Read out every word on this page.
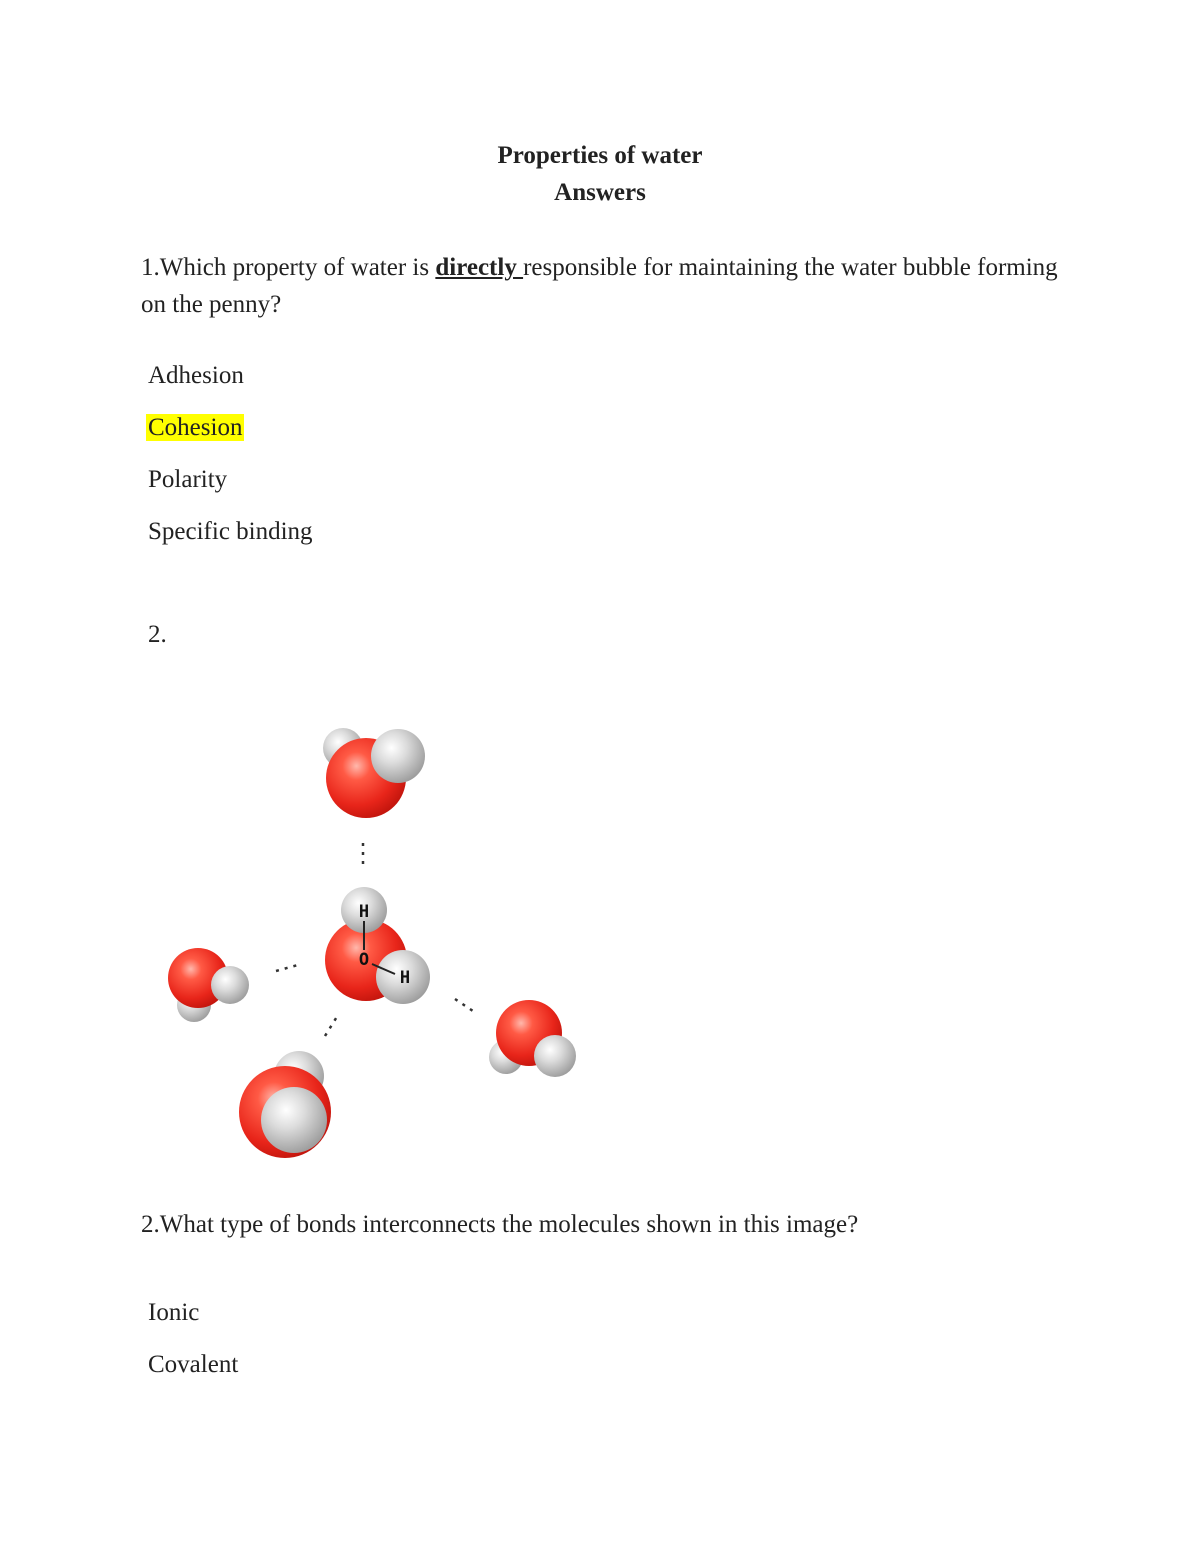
Properties of water
Answers
1.Which property of water is directly responsible for maintaining the water bubble forming on the penny?
Adhesion
Cohesion
Polarity
Specific binding
2.
H
O
H
2.What type of bonds interconnects the molecules shown in this image?
Ionic
Covalent
